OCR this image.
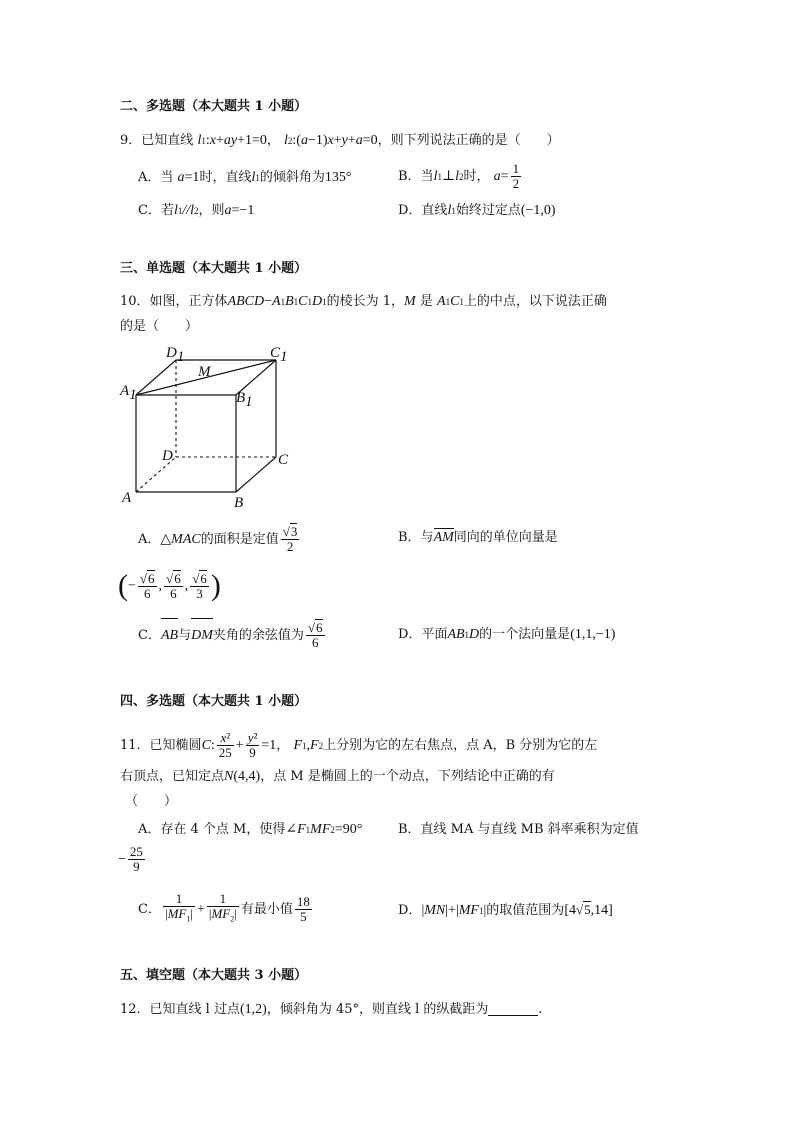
二、多选题（本大题共 1 小题）
9．已知直线 l1:x+ay+1=0， l2:(a−1)x+y+a=0，则下列说法正确的是（　　）
A．当 a=1时，直线l1的倾斜角为135°	B．当l1⊥l2时， $a= \frac{1}{2}$
C．若l1//l2，则a=−1	D．直线l1始终过定点(−1,0)
三、单选题（本大题共 1 小题）
10．如图，正方体ABCD−A1B1C1D1的棱长为 1，M 是 A1C1上的中点，以下说法正确
的是（　　）
D1	C1
M
A1	B1
D	C
A	B
A．△MAC的面积是定值 $\frac{√3}{2}$	B．与AM同向的单位向量是
(− $\frac{√6}{6}$ , $\frac{√6}{6}$ , $\frac{√6}{3}$ )
C．AB与DM夹角的余弦值为 $\frac{√6}{6}$	D．平面AB1D的一个法向量是(1,1,−1)
四、多选题（本大题共 1 小题）
11．已知椭圆C: $\frac{\text{x²}}{25} + \frac{\text{y²}}{9} =1$， F1,F2上分别为它的左右焦点，点 A，B 分别为它的左
右顶点，已知定点N(4,4)，点 M 是椭圆上的一个动点，下列结论中正确的有
（　　）
A．存在 4 个点 M，使得∠F1MF2=90°	B．直线 MA 与直线 MB 斜率乘积为定值
− $\frac{25}{9}$
C． $\frac{1}{|MF_1|} + \frac{1}{|MF_2|}$ 有最小值 $\frac{18}{5}$	D．|MN|+|MF1|的取值范围为[4√5,14]
五、填空题（本大题共 3 小题）
12．已知直线 l 过点(1,2)，倾斜角为 45°，则直线 l 的纵截距为	.
